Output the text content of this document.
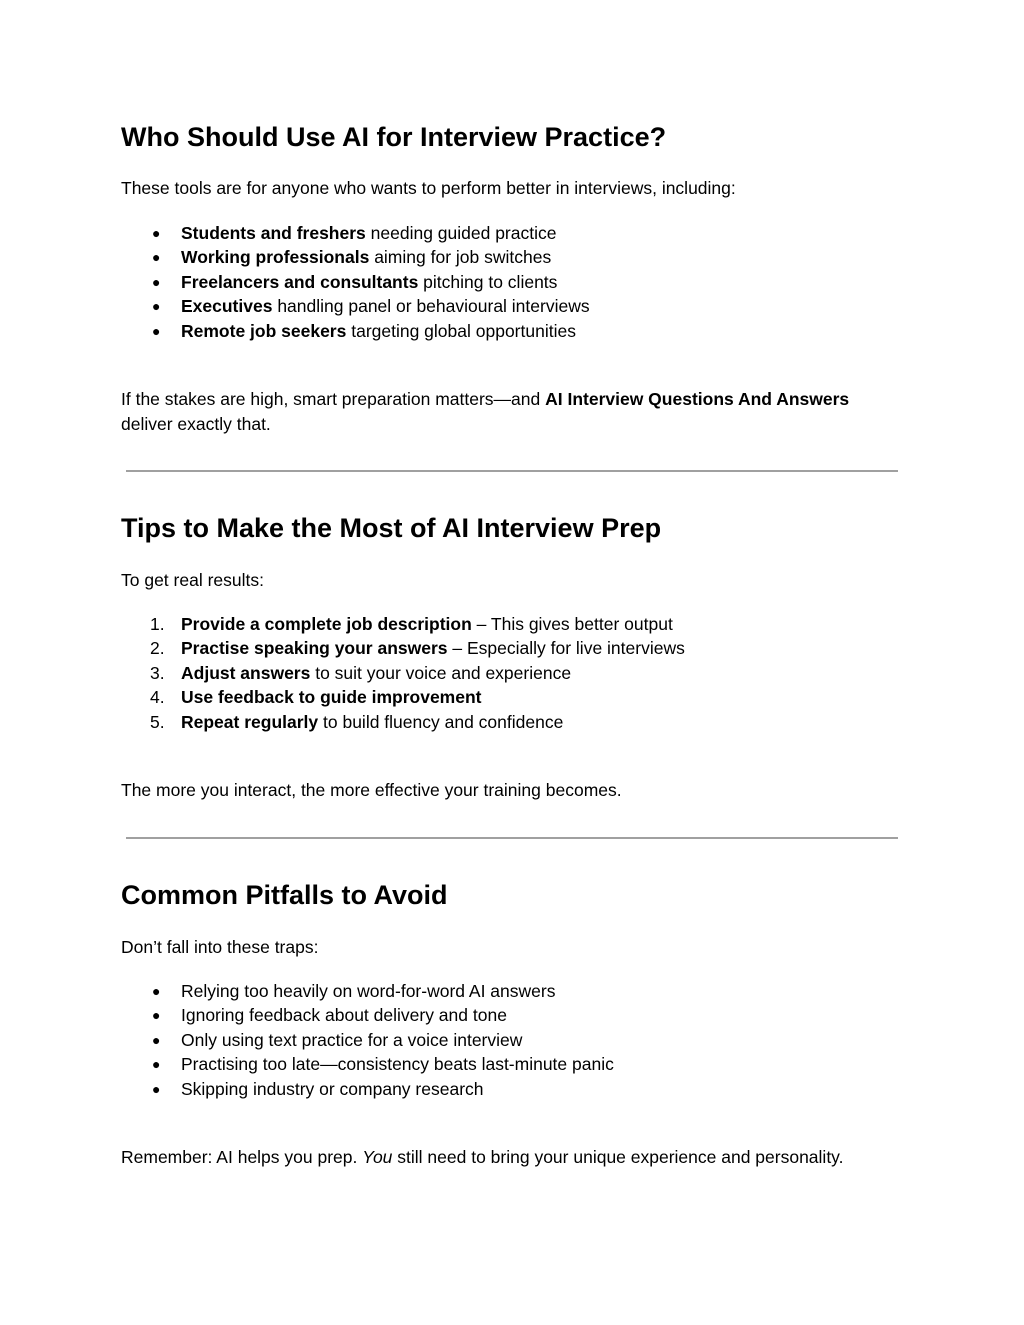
Who Should Use AI for Interview Practice?

These tools are for anyone who wants to perform better in interviews, including:

●	Students and freshers needing guided practice
●	Working professionals aiming for job switches
●	Freelancers and consultants pitching to clients
●	Executives handling panel or behavioural interviews
●	Remote job seekers targeting global opportunities

If the stakes are high, smart preparation matters—and AI Interview Questions And Answers deliver exactly that.

Tips to Make the Most of AI Interview Prep

To get real results:

1. Provide a complete job description – This gives better output
2. Practise speaking your answers – Especially for live interviews
3. Adjust answers to suit your voice and experience
4. Use feedback to guide improvement
5. Repeat regularly to build fluency and confidence

The more you interact, the more effective your training becomes.

Common Pitfalls to Avoid

Don’t fall into these traps:

●	Relying too heavily on word-for-word AI answers
●	Ignoring feedback about delivery and tone
●	Only using text practice for a voice interview
●	Practising too late—consistency beats last-minute panic
●	Skipping industry or company research

Remember: AI helps you prep. You still need to bring your unique experience and personality.
